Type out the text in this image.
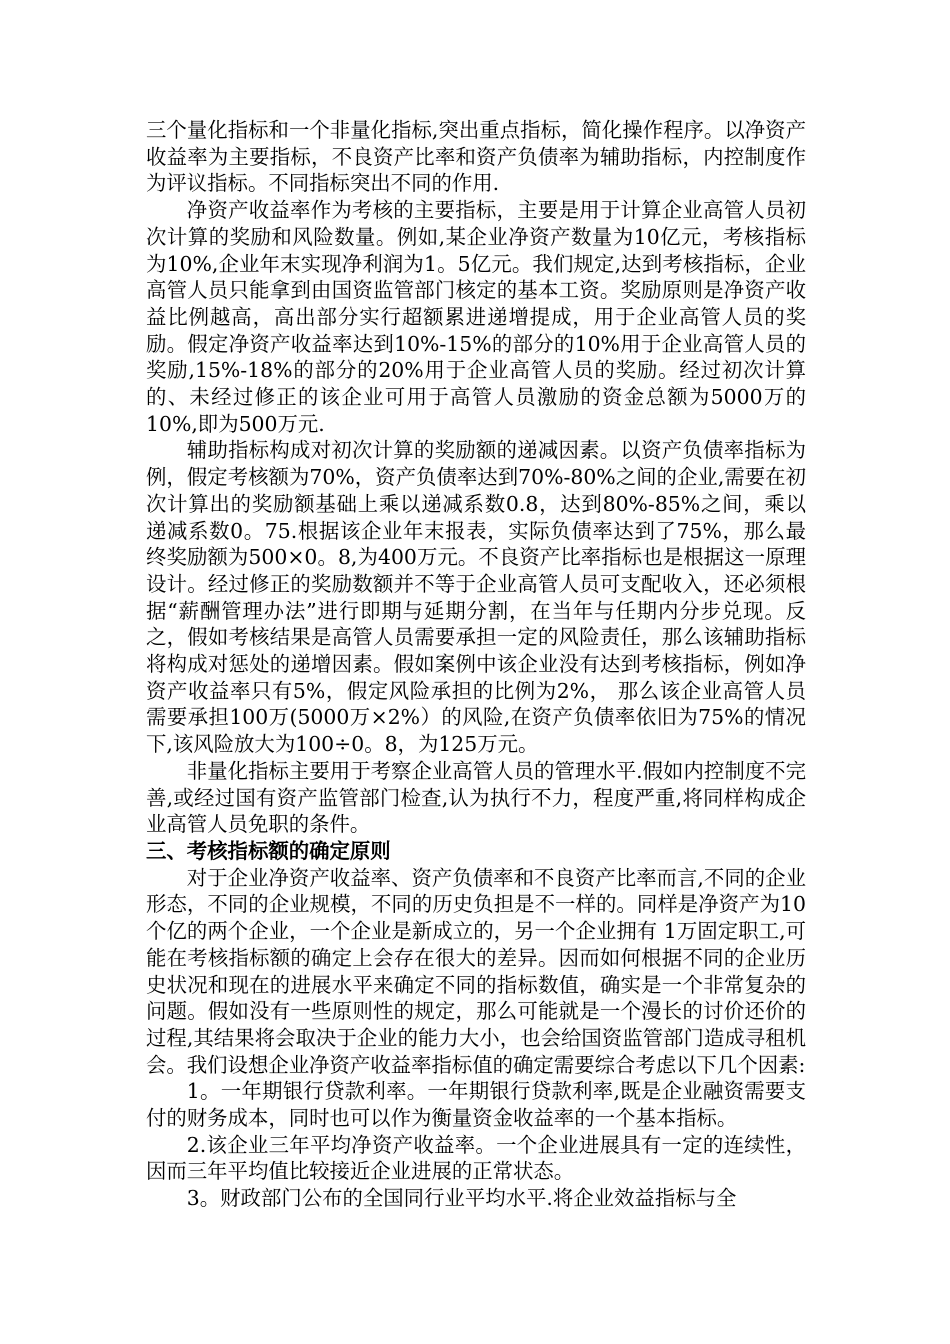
三个量化指标和一个非量化指标,突出重点指标，简化操作程序。以净资产收益率为主要指标，不良资产比率和资产负债率为辅助指标，内控制度作为评议指标。不同指标突出不同的作用.

净资产收益率作为考核的主要指标，主要是用于计算企业高管人员初次计算的奖励和风险数量。例如,某企业净资产数量为10亿元，考核指标为10%,企业年末实现净利润为1。5亿元。我们规定,达到考核指标，企业高管人员只能拿到由国资监管部门核定的基本工资。奖励原则是净资产收益比例越高，高出部分实行超额累进递增提成，用于企业高管人员的奖励。假定净资产收益率达到10%-15%的部分的10%用于企业高管人员的奖励,15%-18%的部分的20%用于企业高管人员的奖励。经过初次计算的、未经过修正的该企业可用于高管人员激励的资金总额为5000万的10%,即为500万元.

辅助指标构成对初次计算的奖励额的递减因素。以资产负债率指标为例，假定考核额为70%，资产负债率达到70%-80%之间的企业,需要在初次计算出的奖励额基础上乘以递减系数0.8，达到80%-85%之间，乘以递减系数0。75.根据该企业年末报表，实际负债率达到了75%，那么最终奖励额为500×0。8,为400万元。不良资产比率指标也是根据这一原理设计。经过修正的奖励数额并不等于企业高管人员可支配收入，还必须根据“薪酬管理办法”进行即期与延期分割，在当年与任期内分步兑现。反之，假如考核结果是高管人员需要承担一定的风险责任，那么该辅助指标将构成对惩处的递增因素。假如案例中该企业没有达到考核指标，例如净资产收益率只有5%，假定风险承担的比例为2%， 那么该企业高管人员需要承担100万(5000万×2%）的风险,在资产负债率依旧为75%的情况下,该风险放大为100÷0。8，为125万元。

非量化指标主要用于考察企业高管人员的管理水平.假如内控制度不完善,或经过国有资产监管部门检查,认为执行不力，程度严重,将同样构成企业高管人员免职的条件。

三、考核指标额的确定原则

对于企业净资产收益率、资产负债率和不良资产比率而言,不同的企业形态，不同的企业规模，不同的历史负担是不一样的。同样是净资产为10个亿的两个企业，一个企业是新成立的，另一个企业拥有 1万固定职工,可能在考核指标额的确定上会存在很大的差异。因而如何根据不同的企业历史状况和现在的进展水平来确定不同的指标数值，确实是一个非常复杂的问题。假如没有一些原则性的规定，那么可能就是一个漫长的讨价还价的过程,其结果将会取决于企业的能力大小，也会给国资监管部门造成寻租机会。我们设想企业净资产收益率指标值的确定需要综合考虑以下几个因素:

1。一年期银行贷款利率。一年期银行贷款利率,既是企业融资需要支付的财务成本，同时也可以作为衡量资金收益率的一个基本指标。

2.该企业三年平均净资产收益率。一个企业进展具有一定的连续性，因而三年平均值比较接近企业进展的正常状态。

3。财政部门公布的全国同行业平均水平.将企业效益指标与全
